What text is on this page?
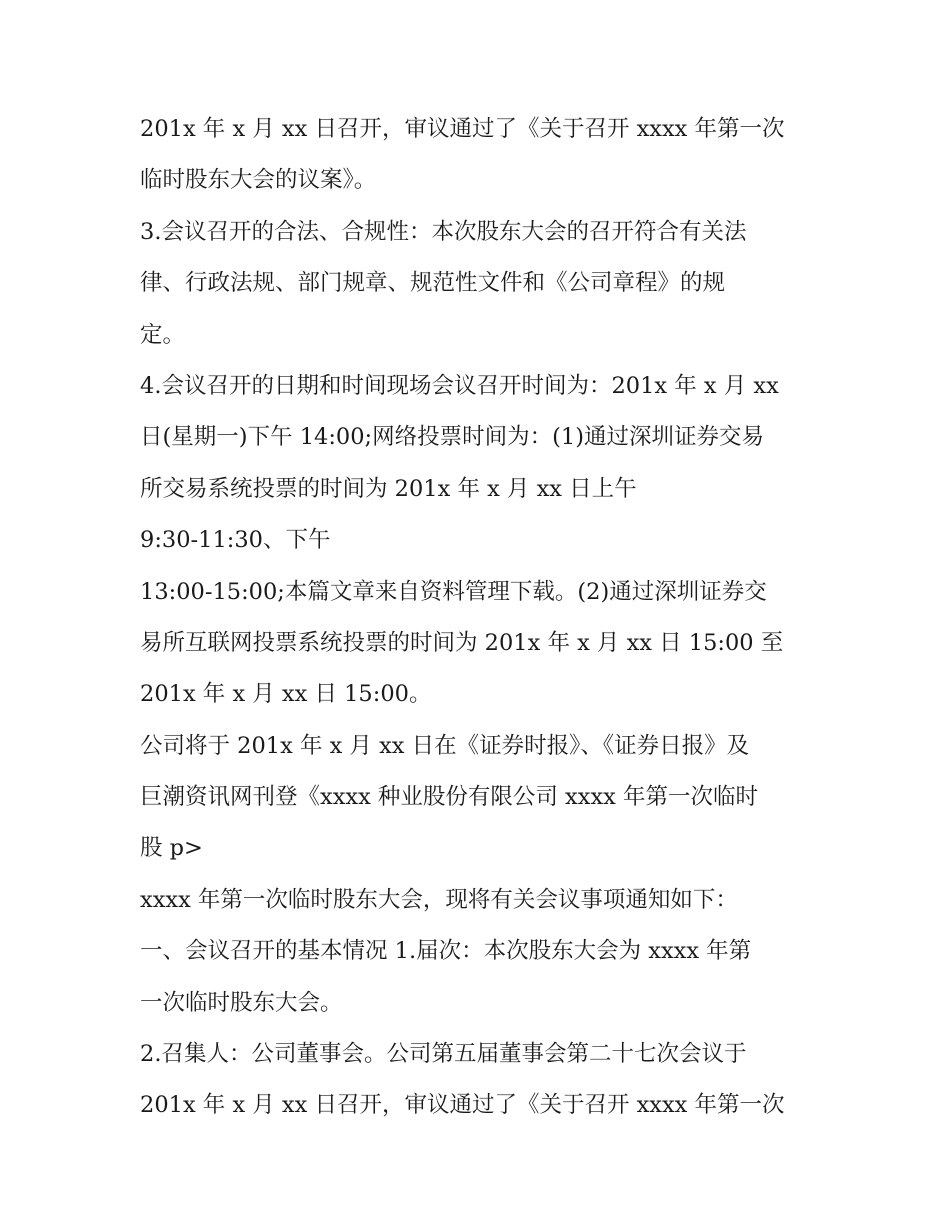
201x 年 x 月 xx 日召开，审议通过了《关于召开 xxxx 年第一次
临时股东大会的议案》。
3.会议召开的合法、合规性：本次股东大会的召开符合有关法
律、行政法规、部门规章、规范性文件和《公司章程》的规
定。
4.会议召开的日期和时间现场会议召开时间为：201x 年 x 月 xx
日(星期一)下午 14:00;网络投票时间为：(1)通过深圳证券交易
所交易系统投票的时间为 201x 年 x 月 xx 日上午
9:30-11:30、下午
13:00-15:00;本篇文章来自资料管理下载。(2)通过深圳证券交
易所互联网投票系统投票的时间为 201x 年 x 月 xx 日 15:00 至
201x 年 x 月 xx 日 15:00。
公司将于 201x 年 x 月 xx 日在《证券时报》、《证券日报》及
巨潮资讯网刊登《xxxx 种业股份有限公司 xxxx 年第一次临时
股 p>
xxxx 年第一次临时股东大会，现将有关会议事项通知如下：
一、会议召开的基本情况 1.届次：本次股东大会为 xxxx 年第
一次临时股东大会。
2.召集人：公司董事会。公司第五届董事会第二十七次会议于
201x 年 x 月 xx 日召开，审议通过了《关于召开 xxxx 年第一次
